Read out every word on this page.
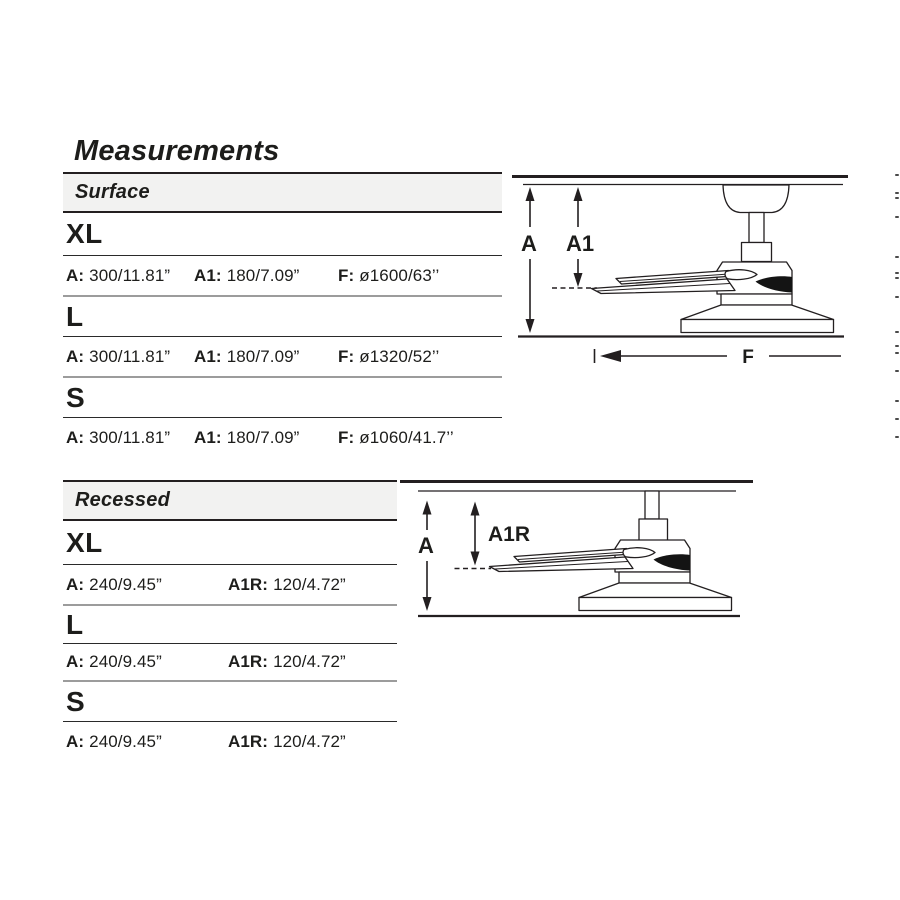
Measurements
Surface
XL
A: 300/11.81” A1: 180/7.09” F: ø1600/63’’
L
A: 300/11.81” A1: 180/7.09” F: ø1320/52’’
S
A: 300/11.81” A1: 180/7.09” F: ø1060/41.7’’
Recessed
XL
A: 240/9.45”	A1R: 120/4.72”
L
A: 240/9.45”	A1R: 120/4.72”
S
A: 240/9.45”	A1R: 120/4.72”
A A1
F
A	A1R
